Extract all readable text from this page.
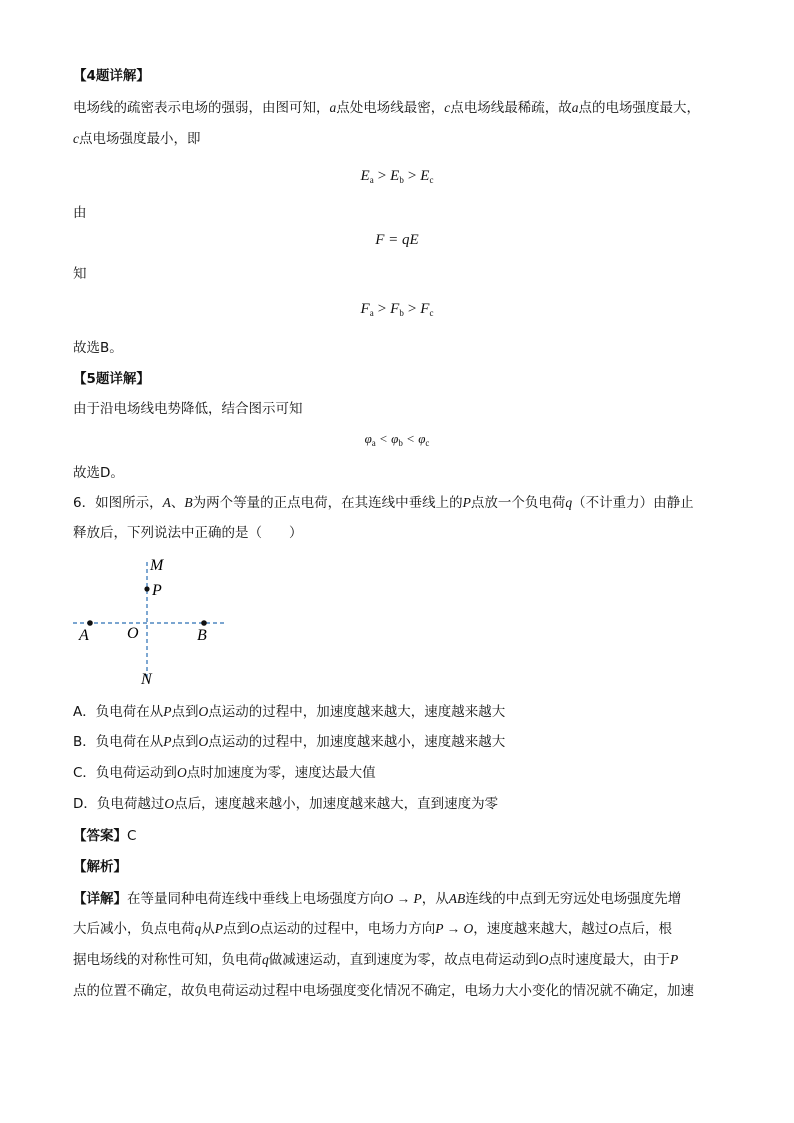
【4题详解】
电场线的疏密表示电场的强弱，由图可知，a点处电场线最密，c点电场线最稀疏，故a点的电场强度最大，
c点电场强度最小，即
$E_a > E_b > E_c$
由
F = qE
知
$F_a > F_b > F_c$
故选B。
【5题详解】
由于沿电场线电势降低，结合图示可知
$\varphi_a < \varphi_b < \varphi_c$
故选D。
6．如图所示，A、B为两个等量的正点电荷，在其连线中垂线上的P点放一个负电荷q（不计重力）由静止
释放后，下列说法中正确的是（　　）
M
P
A O	B
N
A．负电荷在从P点到O点运动的过程中，加速度越来越大，速度越来越大
B．负电荷在从P点到O点运动的过程中，加速度越来越小，速度越来越大
C．负电荷运动到O点时加速度为零，速度达最大值
D．负电荷越过O点后，速度越来越小，加速度越来越大，直到速度为零
【答案】C
【解析】
【详解】在等量同种电荷连线中垂线上电场强度方向O → P，从AB连线的中点到无穷远处电场强度先增
大后减小，负点电荷q从P点到O点运动的过程中，电场力方向P → O，速度越来越大，越过O点后，根
据电场线的对称性可知，负电荷q做减速运动，直到速度为零，故点电荷运动到O点时速度最大，由于P
点的位置不确定，故负电荷运动过程中电场强度变化情况不确定，电场力大小变化的情况就不确定，加速
